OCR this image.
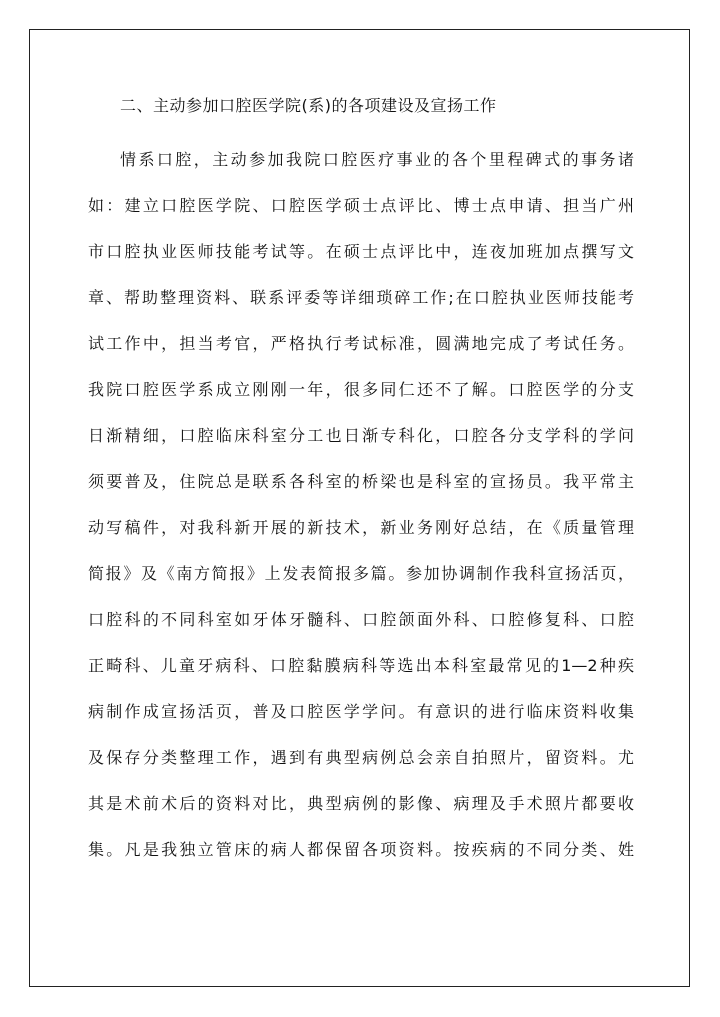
二、主动参加口腔医学院(系)的各项建设及宣扬工作
情系口腔，主动参加我院口腔医疗事业的各个里程碑式的事务诸
如：建立口腔医学院、口腔医学硕士点评比、博士点申请、担当广州
市口腔执业医师技能考试等。在硕士点评比中，连夜加班加点撰写文
章、帮助整理资料、联系评委等详细琐碎工作;在口腔执业医师技能考
试工作中，担当考官，严格执行考试标准，圆满地完成了考试任务。
我院口腔医学系成立刚刚一年，很多同仁还不了解。口腔医学的分支
日渐精细，口腔临床科室分工也日渐专科化，口腔各分支学科的学问
须要普及，住院总是联系各科室的桥梁也是科室的宣扬员。我平常主
动写稿件，对我科新开展的新技术，新业务刚好总结，在《质量管理
简报》及《南方简报》上发表简报多篇。参加协调制作我科宣扬活页，
口腔科的不同科室如牙体牙髓科、口腔颌面外科、口腔修复科、口腔
正畸科、儿童牙病科、口腔黏膜病科等选出本科室最常见的1—2种疾
病制作成宣扬活页，普及口腔医学学问。有意识的进行临床资料收集
及保存分类整理工作，遇到有典型病例总会亲自拍照片，留资料。尤
其是术前术后的资料对比，典型病例的影像、病理及手术照片都要收
集。凡是我独立管床的病人都保留各项资料。按疾病的不同分类、姓
